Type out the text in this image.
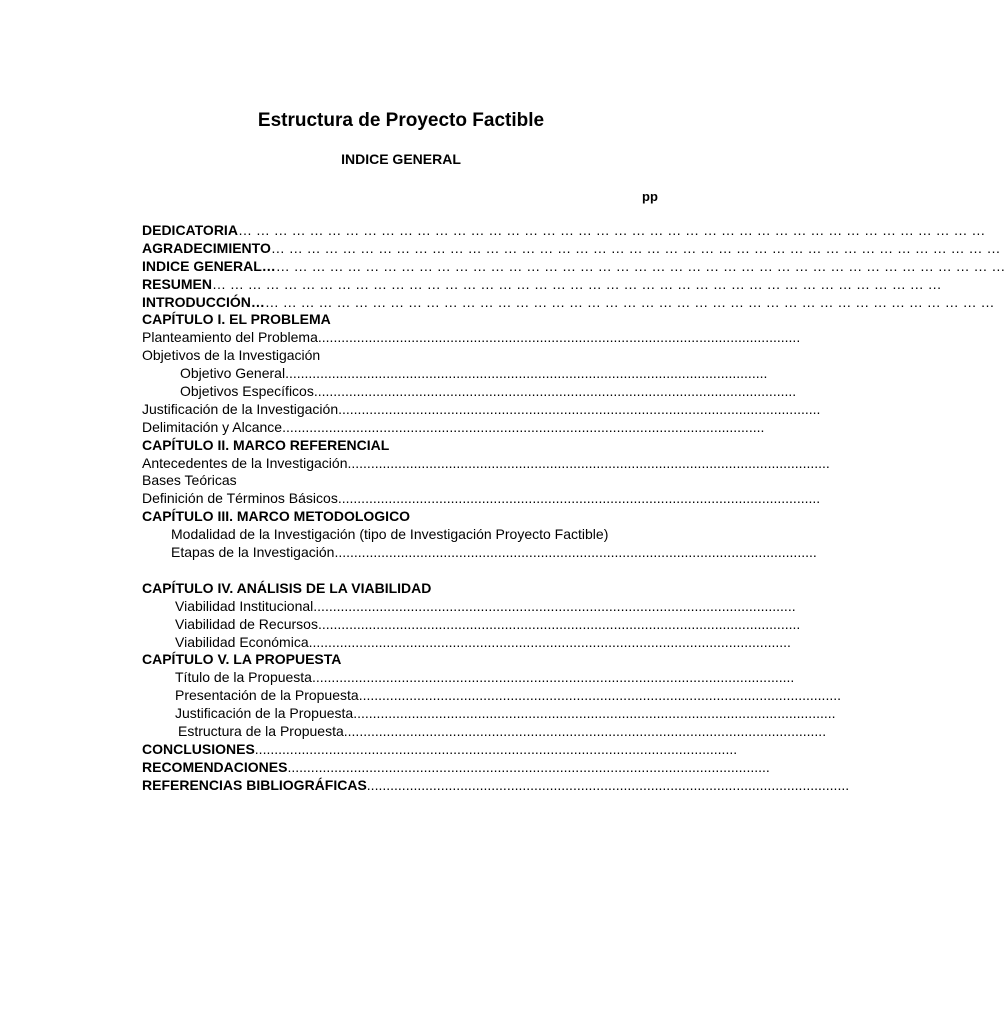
Estructura de Proyecto Factible
INDICE GENERAL
pp
DEDICATORIA… … … … … … … … … … … … … … … … … … … … … … … … … … … … … … … … … … … … … … … … … …
AGRADECIMIENTO… … … … … … … … … … … … … … … … … … … … … … … … … … … … … … … … … … … … … … … … …
INDICE GENERAL…… … … … … … … … … … … … … … … … … … … … … … … … … … … … … … … … … … … … … … … … …
RESUMEN… … … … … … … … … … … … … … … … … … … … … … … … … … … … … … … … … … … … … … … … …
INTRODUCCIÓN…… … … … … … … … … … … … … … … … … … … … … … … … … … … … … … … … … … … … … … … … …
CAPÍTULO I. EL PROBLEMA
Planteamiento del Problema............................................................................................................................
Objetivos de la Investigación
Objetivo General............................................................................................................................
Objetivos Específicos............................................................................................................................
Justificación de la Investigación............................................................................................................................
Delimitación y Alcance............................................................................................................................
CAPÍTULO II. MARCO REFERENCIAL
Antecedentes de la Investigación............................................................................................................................
Bases Teóricas
Definición de Términos Básicos............................................................................................................................
CAPÍTULO III. MARCO METODOLOGICO
Modalidad de la Investigación (tipo de Investigación Proyecto Factible)
Etapas de la Investigación............................................................................................................................
CAPÍTULO IV. ANÁLISIS DE LA VIABILIDAD
Viabilidad Institucional............................................................................................................................
Viabilidad de Recursos............................................................................................................................
Viabilidad Económica............................................................................................................................
CAPÍTULO V. LA PROPUESTA
Título de la Propuesta............................................................................................................................
Presentación de la Propuesta............................................................................................................................
Justificación de la Propuesta............................................................................................................................
Estructura de la Propuesta............................................................................................................................
CONCLUSIONES............................................................................................................................
RECOMENDACIONES............................................................................................................................
REFERENCIAS BIBLIOGRÁFICAS............................................................................................................................
